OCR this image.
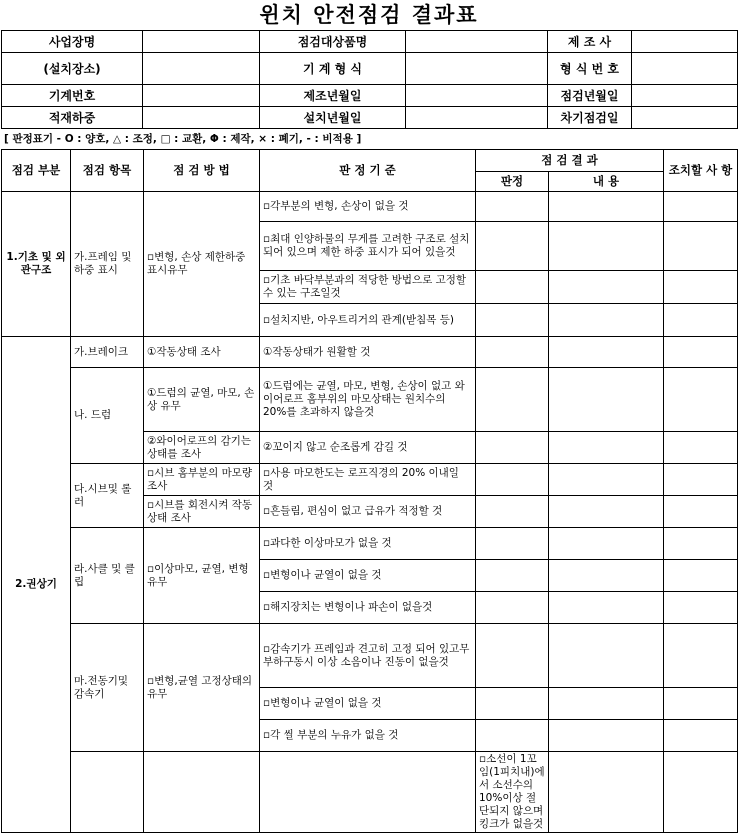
윈치 안전점검 결과표
사업장명		점검대상품명		제 조 사	
(설치장소)		기 계 형 식		형 식 번 호	
기계번호		제조년월일		점검년월일	
적재하중		설치년월일		차기점검일	
[ 판정표기 - O : 양호, △ : 조정, □ : 교환, Φ : 제작, × : 폐기, - : 비적용 ]
점검 부분	점검 항목	점 검 방 법	판 정 기 준	점 검 결 과		조치할 사 항	
				판정	내 용		
1.기초 및 외관구조	가.프레임 및 하중 표시	▫변형, 손상 제한하중 표시유무	▫각부분의 변형, 손상이 없을 것				
			▫최대 인양하물의 무게를 고려한 구조로 설치되어 있으며 제한 하중 표시가 되어 있을것				
			▫기초 바닥부분과의 적당한 방법으로 고정할수 있는 구조일것				
			▫설치지반, 아우트리거의 관계(받침목 등)				
2.권상기	가.브레이크	①작동상태 조사	①작동상태가 원활할 것				
	나. 드럼	①드럼의 균열, 마모, 손상 유무	①드럼에는 균열, 마모, 변형, 손상이 없고 와이어로프 홈부위의 마모상태는 원치수의 20%를 초과하지 않을것				
		②와이어로프의 감기는 상태를 조사	②꼬이지 않고 순조롭게 감길 것				
	다.시브및 롤러	▫시브 홈부분의 마모량 조사	▫사용 마모한도는 로프직경의 20% 이내일 것				
		▫시브를 회전시켜 작동상태 조사	▫흔들림, 편심이 없고 급유가 적정할 것				
	라.사클 및 클립	▫이상마모, 균열, 변형 유무	▫과다한 이상마모가 없을 것				
			▫변형이나 균열이 없을 것				
			▫해지장치는 변형이나 파손이 없을것				
	마.전동기및 감속기	▫변형,균열 고정상태의 유무	▫감속기가 프레임과 견고히 고정 되어 있고무부하구동시 이상 소음이나 진동이 없을것				
			▫변형이나 균열이 없을 것				
			▫각 씰 부분의 누유가 없을 것				
				▫소선이 1꼬임(1피치내)에서 소선수의 10%이상 절단되지 않으며 킹크가 없을것			
